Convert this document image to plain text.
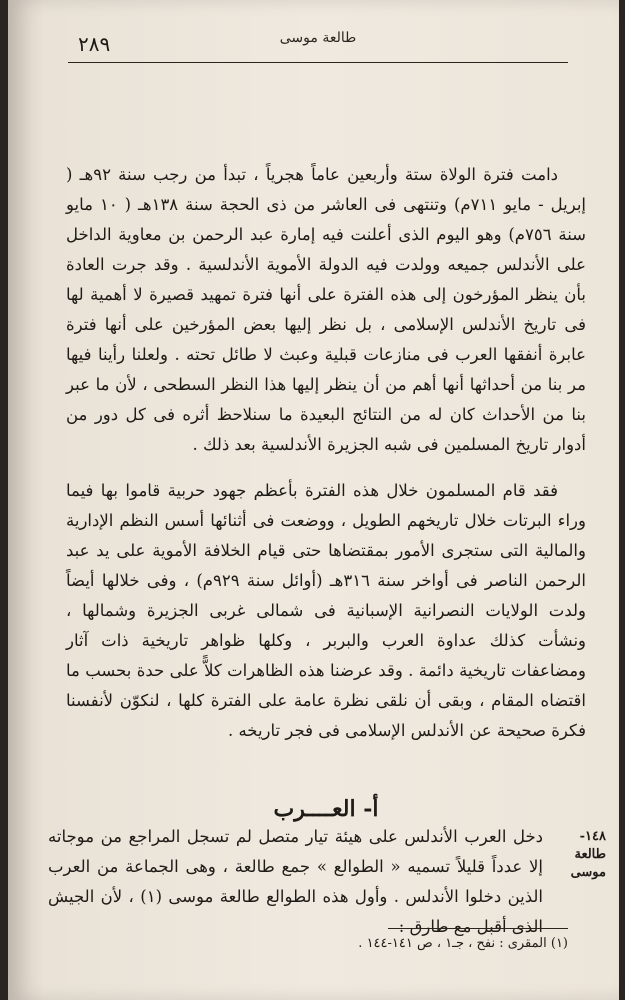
طالعة موسى
٢٨٩

دامت فترة الولاة ستة وأربعين عاماً هجرياً ، تبدأ من رجب سنة ٩٢هـ ( إبريل - مايو ٧١١م) وتنتهى فى العاشر من ذى الحجة سنة ١٣٨هـ ( ١٠ مايو سنة ٧٥٦م) وهو اليوم الذى أعلنت فيه إمارة عبد الرحمن بن معاوية الداخل على الأندلس جميعه وولدت فيه الدولة الأموية الأندلسية . وقد جرت العادة بأن ينظر المؤرخون إلى هذه الفترة على أنها فترة تمهيد قصيرة لا أهمية لها فى تاريخ الأندلس الإسلامى ، بل نظر إليها بعض المؤرخين على أنها فترة عابرة أنفقها العرب فى منازعات قبلية وعبث لا طائل تحته . ولعلنا رأينا فيها مر بنا من أحداثها أنها أهم من أن ينظر إليها هذا النظر السطحى ، لأن ما عبر بنا من الأحداث كان له من النتائج البعيدة ما سنلاحظ أثره فى كل دور من أدوار تاريخ المسلمين فى شبه الجزيرة الأندلسية بعد ذلك .

فقد قام المسلمون خلال هذه الفترة بأعظم جهود حربية قاموا بها فيما وراء البرتات خلال تاريخهم الطويل ، ووضعت فى أثنائها أسس النظم الإدارية والمالية التى ستجرى الأمور بمقتضاها حتى قيام الخلافة الأموية على يد عبد الرحمن الناصر فى أواخر سنة ٣١٦هـ (أوائل سنة ٩٢٩م) ، وفى خلالها أيضاً ولدت الولايات النصرانية الإسبانية فى شمالى غربى الجزيرة وشمالها ، ونشأت كذلك عداوة العرب والبربر ، وكلها ظواهر تاريخية ذات آثار ومضاعفات تاريخية دائمة . وقد عرضنا هذه الظاهرات كلاًّ على حدة بحسب ما اقتضاه المقام ، وبقى أن نلقى نظرة عامة على الفترة كلها ، لنكوّن لأنفسنا فكرة صحيحة عن الأندلس الإسلامى فى فجر تاريخه .

أ- العــــرب
١٤٨- طالعة موسى

دخل العرب الأندلس على هيئة تيار متصل لم تسجل المراجع من موجاته إلا عدداً قليلاً تسميه « الطوالع » جمع طالعة ، وهى الجماعة من العرب الذين دخلوا الأندلس . وأول هذه الطوالع طالعة موسى (١) ، لأن الجيش الذى أقبل مع طارق :

(١) المقرى : نفح ، جـ١ ، ص ١٤١-١٤٤ .
